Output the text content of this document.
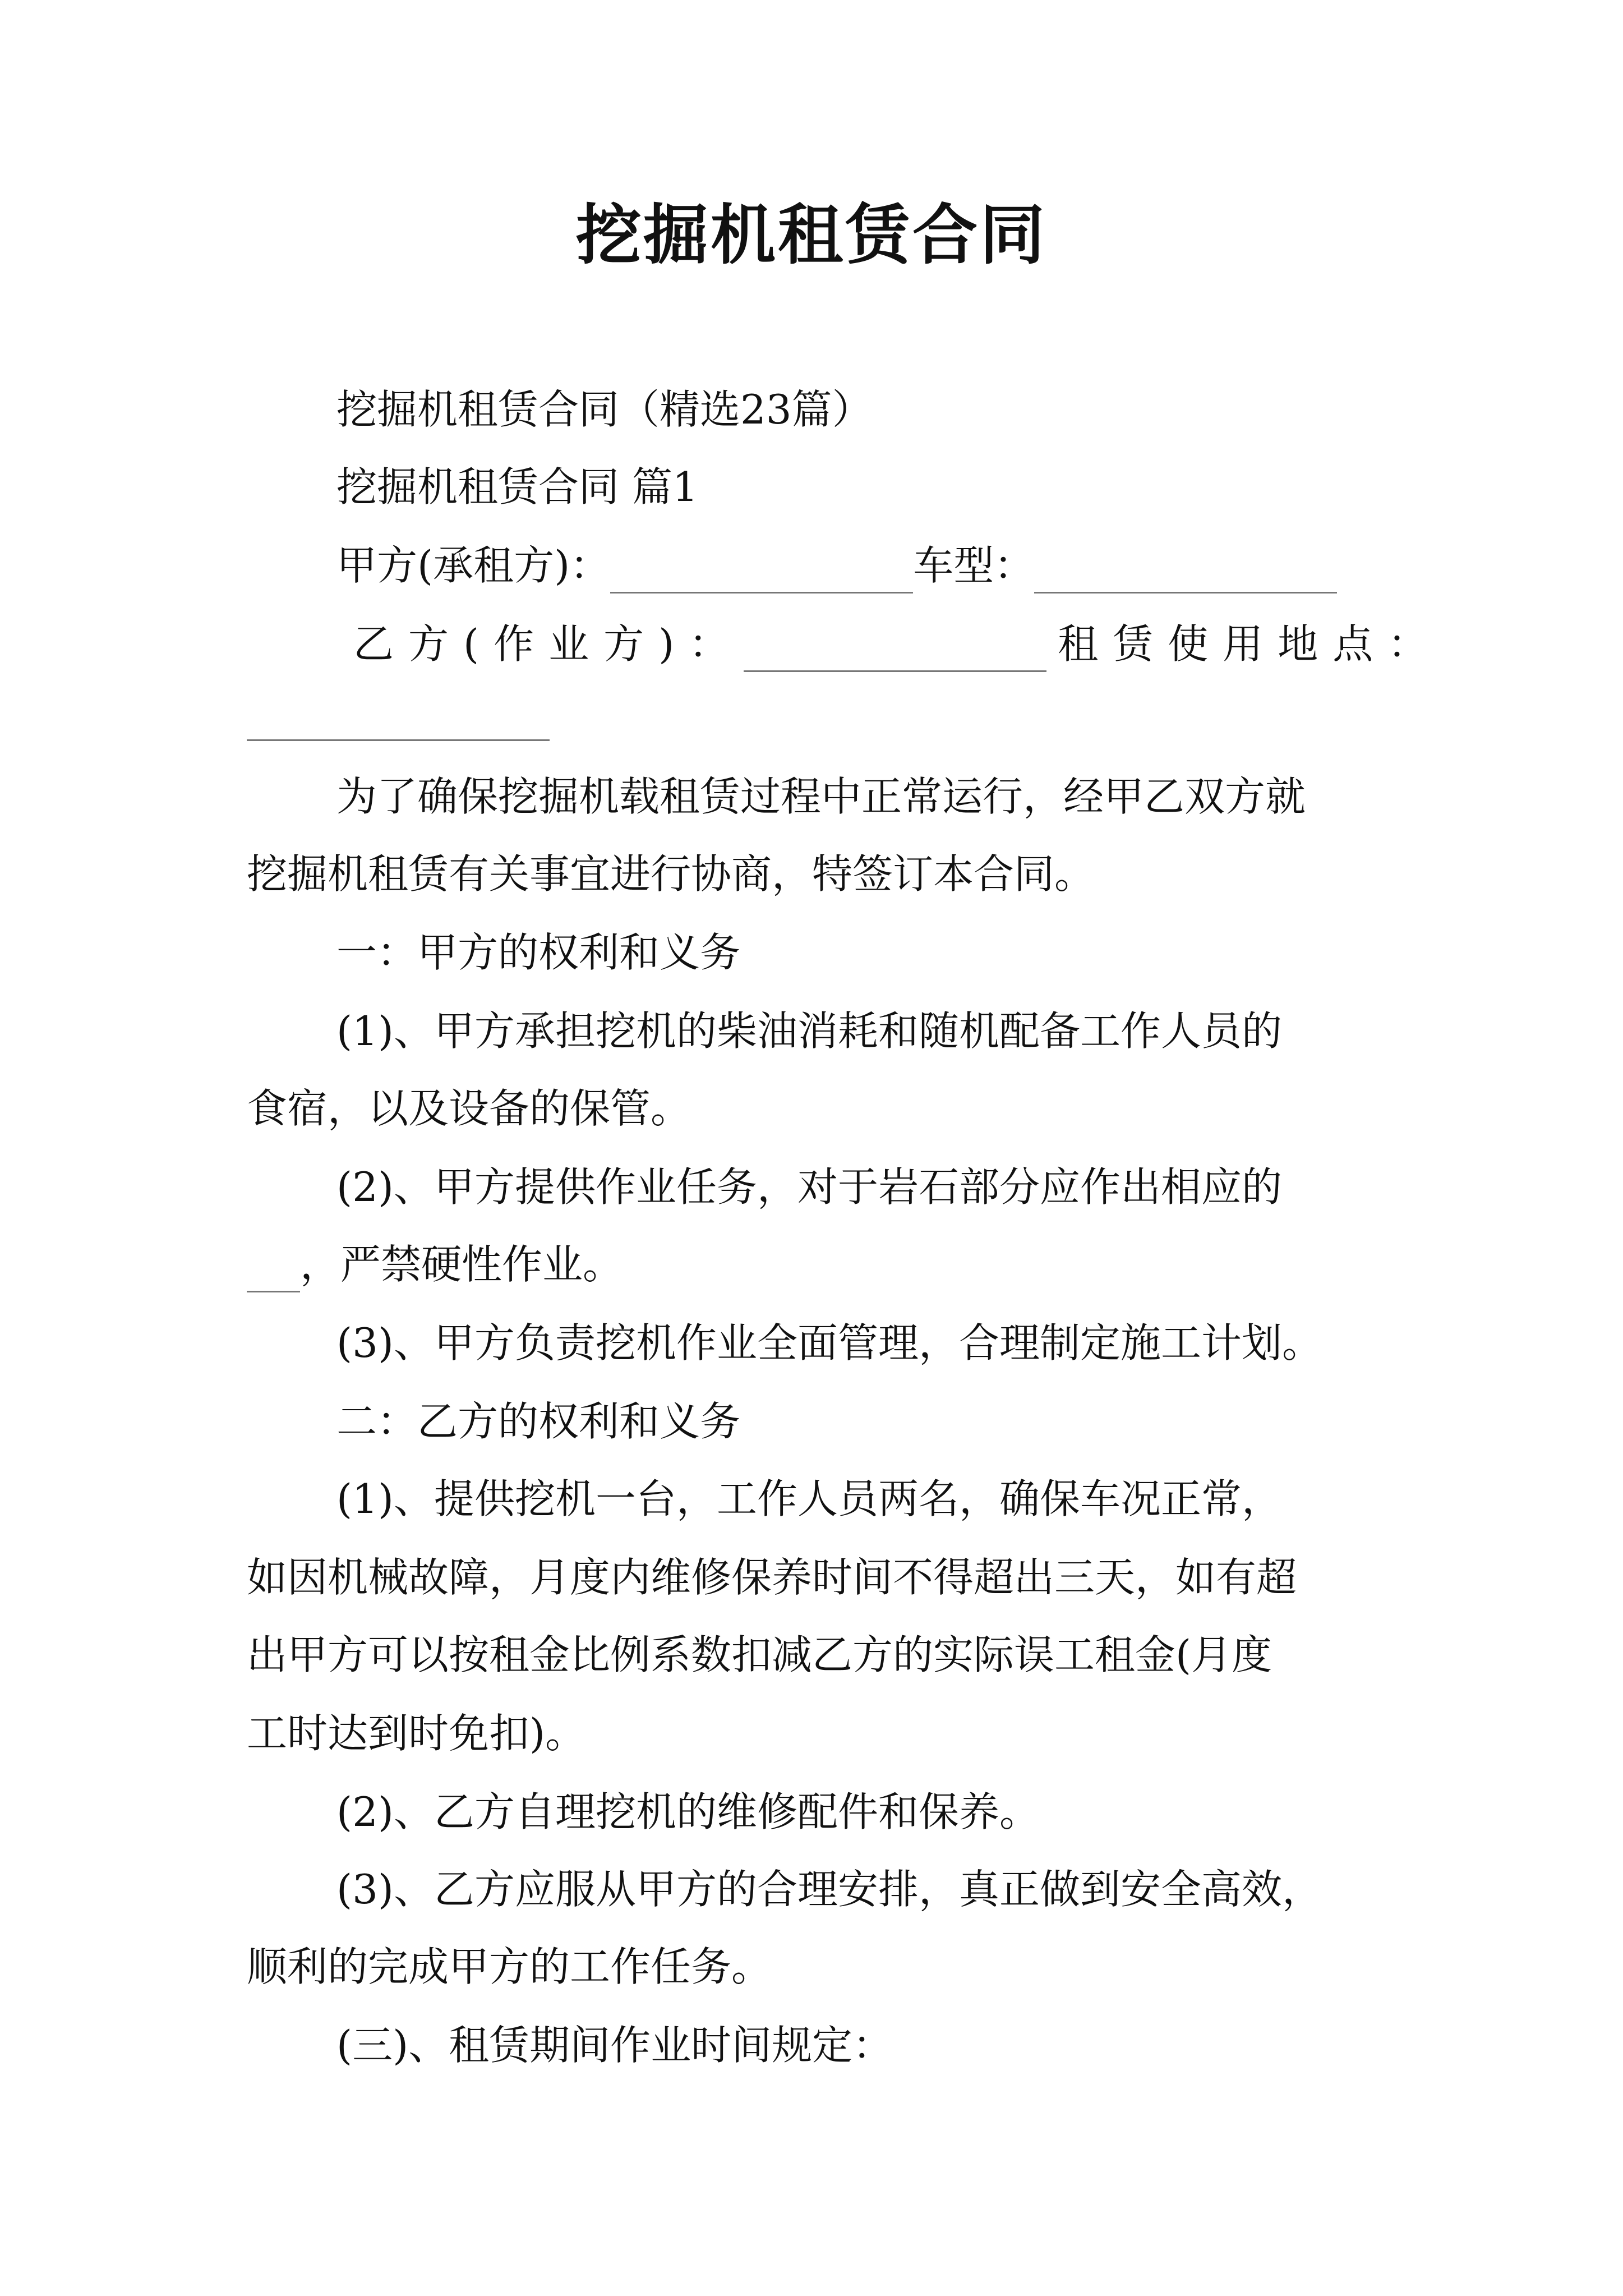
挖掘机租赁合同
挖掘机租赁合同（精选23篇）
挖掘机租赁合同 篇1
甲方(承租方)：	车型：
乙方(作业方)：	租赁使用地点：
为了确保挖掘机载租赁过程中正常运行，经甲乙双方就
挖掘机租赁有关事宜进行协商，特签订本合同。
一：甲方的权利和义务
(1)、甲方承担挖机的柴油消耗和随机配备工作人员的
食宿，以及设备的保管。
(2)、甲方提供作业任务，对于岩石部分应作出相应的
，严禁硬性作业。
(3)、甲方负责挖机作业全面管理，合理制定施工计划。
二：乙方的权利和义务
(1)、提供挖机一台，工作人员两名，确保车况正常，
如因机械故障，月度内维修保养时间不得超出三天，如有超
出甲方可以按租金比例系数扣减乙方的实际误工租金(月度
工时达到时免扣)。
(2)、乙方自理挖机的维修配件和保养。
(3)、乙方应服从甲方的合理安排，真正做到安全高效，
顺利的完成甲方的工作任务。
(三)、租赁期间作业时间规定：
